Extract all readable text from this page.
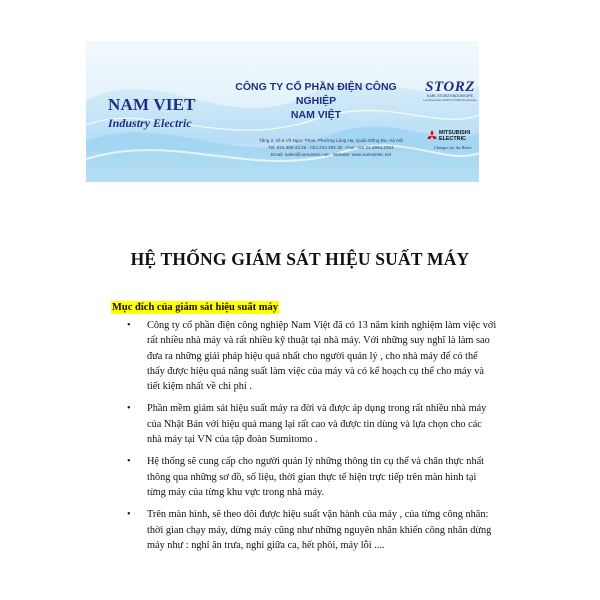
NAM VIET
Industry Electric
CÔNG TY CỔ PHẦN ĐIỆN CÔNG NGHIỆP
NAM VIỆT
Tầng 2, số 6 Võ Ngọc Phan, Phường Láng Hạ, Quận Đống Đa, Hà Nội
Tel: 024.399.43.26 - 024.224.282.36 - Fax: +84 24.3994.2304
Email: sales@namvietsc.net - Website: www.namvietsc.net
STORZ
KARL STORZ ENDOSKOPE
Lambda-Raiten-ENDO-STORZ Endoskope
MITSUBISHI
ELECTRIC
Changes for the Better
HỆ THỐNG GIÁM SÁT HIỆU SUẤT MÁY
Mục đích của giám sát hiệu suất máy
• Công ty cổ phần điện công nghiệp Nam Việt đã có 13 năm kinh nghiệm làm việc với rất nhiều nhà máy và rất nhiều kỹ thuật tại nhà máy. Với những suy nghĩ là làm sao đưa ra những giải pháp hiệu quả nhất cho người quản lý , cho nhà máy để có thể thấy được hiệu quả nâng suất làm việc của máy và có kế hoạch cụ thể cho máy và tiết kiệm nhất về chi phí .
• Phần mềm giám sát hiệu suất máy ra đời và được áp dụng trong rất nhiều nhà máy của Nhật Bản với hiệu quả mang lại rất cao và được tin dùng và lựa chọn cho các nhà máy tại VN của tập đoàn Sumitomo .
• Hệ thống sẽ cung cấp cho người quản lý những thông tin cụ thể và chân thực nhất thông qua những sơ đồ, số liệu, thời gian thực tế hiện trực tiếp trên màn hình tại từng máy của từng khu vực trong nhà máy.
• Trên màn hình, sẽ theo dõi được hiệu suất vận hành của máy , của từng công nhân: thời gian chạy máy, dừng máy cũng như những nguyên nhân khiến công nhân dừng máy như : nghỉ ăn trưa, nghỉ giữa ca, hết phôi, máy lỗi ....
